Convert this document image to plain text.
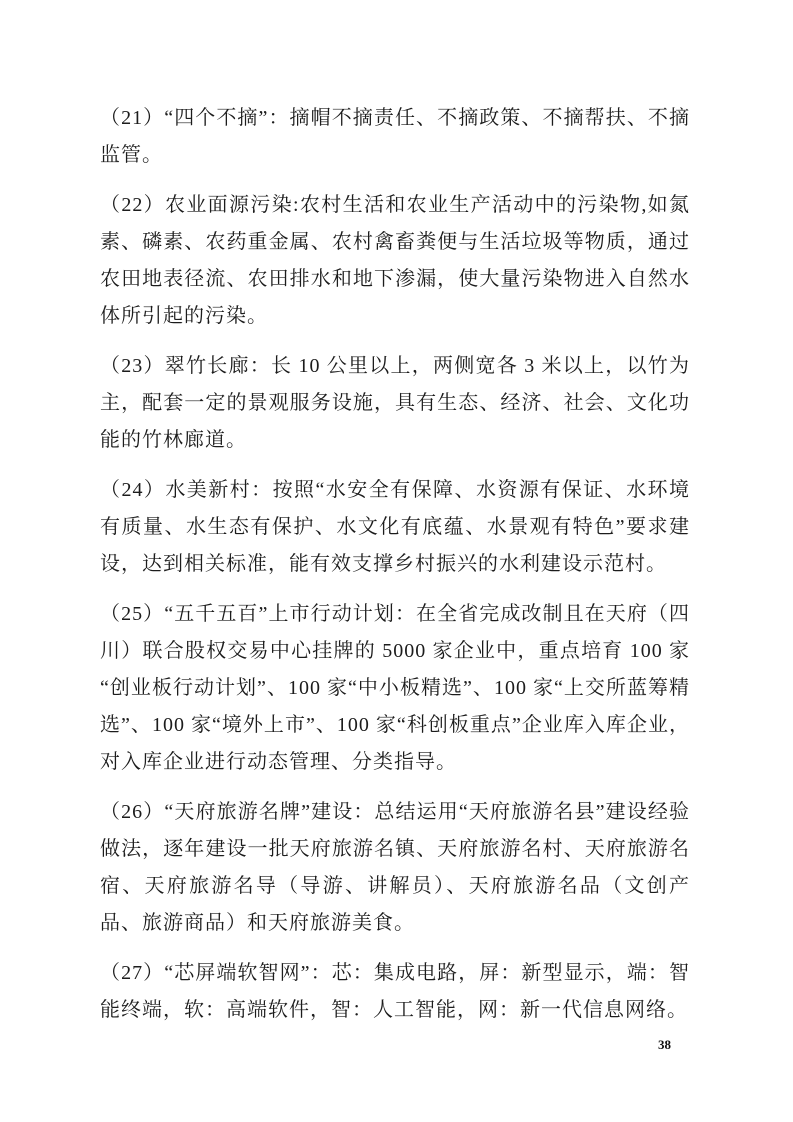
（21）“四个不摘”：摘帽不摘责任、不摘政策、不摘帮扶、不摘监管。

（22）农业面源污染:农村生活和农业生产活动中的污染物,如氮素、磷素、农药重金属、农村禽畜粪便与生活垃圾等物质，通过农田地表径流、农田排水和地下渗漏，使大量污染物进入自然水体所引起的污染。

（23）翠竹长廊：长 10 公里以上，两侧宽各 3 米以上，以竹为主，配套一定的景观服务设施，具有生态、经济、社会、文化功能的竹林廊道。

（24）水美新村：按照“水安全有保障、水资源有保证、水环境有质量、水生态有保护、水文化有底蕴、水景观有特色”要求建设，达到相关标准，能有效支撑乡村振兴的水利建设示范村。

（25）“五千五百”上市行动计划：在全省完成改制且在天府（四川）联合股权交易中心挂牌的 5000 家企业中，重点培育 100 家“创业板行动计划”、100 家“中小板精选”、100 家“上交所蓝筹精选”、100 家“境外上市”、100 家“科创板重点”企业库入库企业，对入库企业进行动态管理、分类指导。

（26）“天府旅游名牌”建设：总结运用“天府旅游名县”建设经验做法，逐年建设一批天府旅游名镇、天府旅游名村、天府旅游名宿、天府旅游名导（导游、讲解员）、天府旅游名品（文创产品、旅游商品）和天府旅游美食。

（27）“芯屏端软智网”：芯：集成电路，屏：新型显示，端：智能终端，软：高端软件，智：人工智能，网：新一代信息网络。

38
